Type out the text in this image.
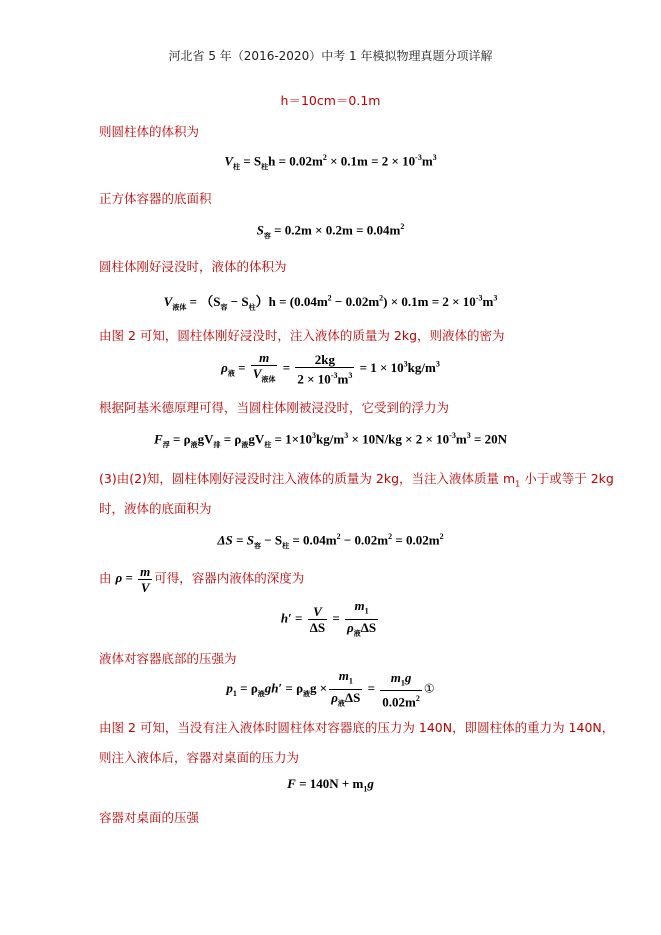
河北省 5 年（2016-2020）中考 1 年模拟物理真题分项详解
h＝10cm＝0.1m
则圆柱体的体积为
$V_柱 = S_柱h = 0.02m^2 \times 0.1m = 2 \times 10^{-3}m^3$
正方体容器的底面积
$S_容 = 0.2m \times 0.2m = 0.04m^2$
圆柱体刚好浸没时，液体的体积为
$V_{液体} = (S_容 - S_柱)h = (0.04m^2 - 0.02m^2) \times 0.1m = 2 \times 10^{-3}m^3$
由图 2 可知，圆柱体刚好浸没时，注入液体的质量为 2kg，则液体的密为
$\rho_液 = \frac{m}{V_{液体}} = \frac{2kg}{2 \times 10^{-3}m^3} = 1 \times 10^3kg/m^3$
根据阿基米德原理可得，当圆柱体刚被浸没时，它受到的浮力为
$F_浮 = \rho_液gV_排 = \rho_液gV_柱 = 1\times 10^3kg/m^3 \times 10N/kg \times 2 \times 10^{-3}m^3 = 20N$
(3)由(2)知，圆柱体刚好浸没时注入液体的质量为 2kg，当注入液体质量 $m_1$ 小于或等于 2kg
时，液体的底面积为
$\Delta S = S_容 - S_柱 = 0.04m^2 - 0.02m^2 = 0.02m^2$
由 $\rho = \frac{m}{V}$ 可得，容器内液体的深度为
$h' = \frac{V}{\Delta S} = \frac{m_1}{\rho_液\Delta S}$
液体对容器底部的压强为
$p_1 = \rho_液gh' = \rho_液g \times \frac{m_1}{\rho_液\Delta S} = \frac{m_1g}{0.02m^2}$ ①
由图 2 可知，当没有注入液体时圆柱体对容器底的压力为 140N，即圆柱体的重力为 140N，
则注入液体后，容器对桌面的压力为
$F = 140N + m_1g$
容器对桌面的压强
